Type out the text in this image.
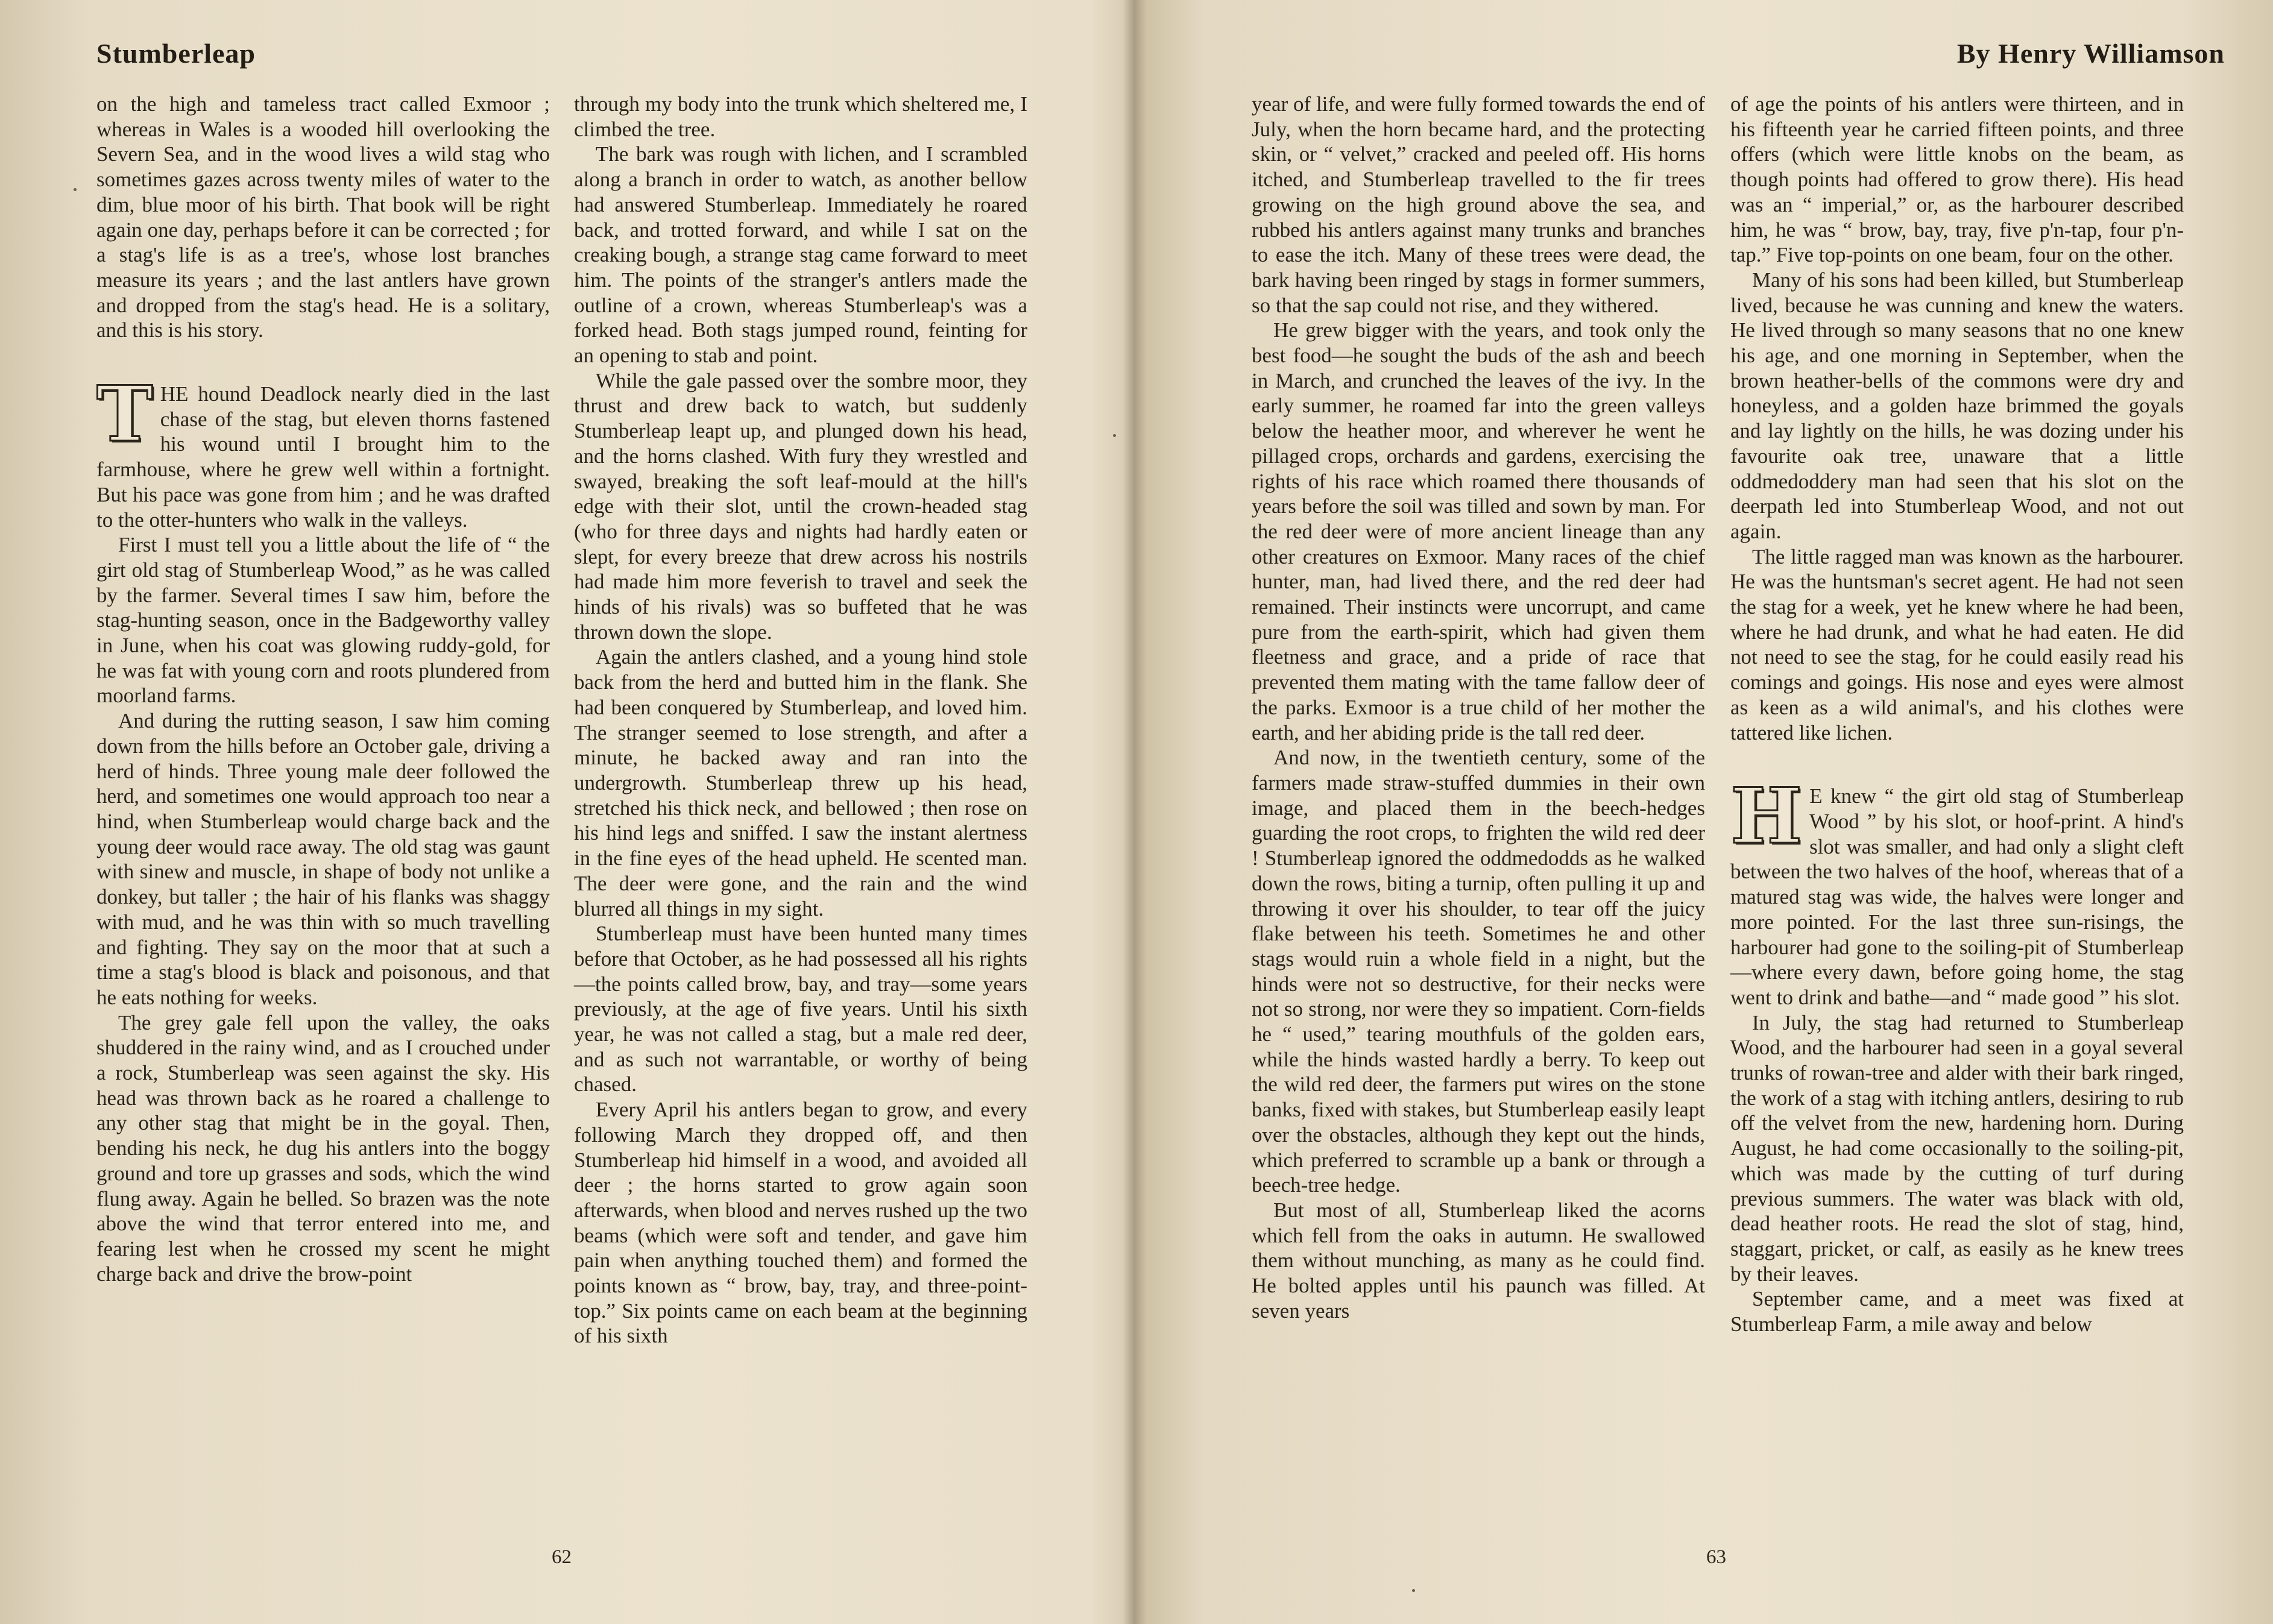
Stumberleap

on the high and tameless tract called Exmoor ; whereas in Wales is a wooded hill overlooking the Severn Sea, and in the wood lives a wild stag who sometimes gazes across twenty miles of water to the dim, blue moor of his birth. That book will be right again one day, perhaps before it can be corrected ; for a stag's life is as a tree's, whose lost branches measure its years ; and the last antlers have grown and dropped from the stag's head. He is a solitary, and this is his story.

THE hound Deadlock nearly died in the last chase of the stag, but eleven thorns fastened his wound until I brought him to the farmhouse, where he grew well within a fortnight. But his pace was gone from him ; and he was drafted to the otter-hunters who walk in the valleys.

First I must tell you a little about the life of “ the girt old stag of Stumberleap Wood,” as he was called by the farmer. Several times I saw him, before the stag-hunting season, once in the Badgeworthy valley in June, when his coat was glowing ruddy-gold, for he was fat with young corn and roots plundered from moorland farms.

And during the rutting season, I saw him coming down from the hills before an October gale, driving a herd of hinds. Three young male deer followed the herd, and sometimes one would approach too near a hind, when Stumberleap would charge back and the young deer would race away. The old stag was gaunt with sinew and muscle, in shape of body not unlike a donkey, but taller ; the hair of his flanks was shaggy with mud, and he was thin with so much travelling and fighting. They say on the moor that at such a time a stag's blood is black and poisonous, and that he eats nothing for weeks.

The grey gale fell upon the valley, the oaks shuddered in the rainy wind, and as I crouched under a rock, Stumberleap was seen against the sky. His head was thrown back as he roared a challenge to any other stag that might be in the goyal. Then, bending his neck, he dug his antlers into the boggy ground and tore up grasses and sods, which the wind flung away. Again he belled. So brazen was the note above the wind that terror entered into me, and fearing lest when he crossed my scent he might charge back and drive the brow-point

through my body into the trunk which sheltered me, I climbed the tree.

The bark was rough with lichen, and I scrambled along a branch in order to watch, as another bellow had answered Stumberleap. Immediately he roared back, and trotted forward, and while I sat on the creaking bough, a strange stag came forward to meet him. The points of the stranger's antlers made the outline of a crown, whereas Stumberleap's was a forked head. Both stags jumped round, feinting for an opening to stab and point.

While the gale passed over the sombre moor, they thrust and drew back to watch, but suddenly Stumberleap leapt up, and plunged down his head, and the horns clashed. With fury they wrestled and swayed, breaking the soft leaf-mould at the hill's edge with their slot, until the crown-headed stag (who for three days and nights had hardly eaten or slept, for every breeze that drew across his nostrils had made him more feverish to travel and seek the hinds of his rivals) was so buffeted that he was thrown down the slope.

Again the antlers clashed, and a young hind stole back from the herd and butted him in the flank. She had been conquered by Stumberleap, and loved him. The stranger seemed to lose strength, and after a minute, he backed away and ran into the undergrowth. Stumberleap threw up his head, stretched his thick neck, and bellowed ; then rose on his hind legs and sniffed. I saw the instant alertness in the fine eyes of the head upheld. He scented man. The deer were gone, and the rain and the wind blurred all things in my sight.

Stumberleap must have been hunted many times before that October, as he had possessed all his rights—the points called brow, bay, and tray—some years previously, at the age of five years. Until his sixth year, he was not called a stag, but a male red deer, and as such not warrantable, or worthy of being chased.

Every April his antlers began to grow, and every following March they dropped off, and then Stumberleap hid himself in a wood, and avoided all deer ; the horns started to grow again soon afterwards, when blood and nerves rushed up the two beams (which were soft and tender, and gave him pain when anything touched them) and formed the points known as “ brow, bay, tray, and three-point-top.” Six points came on each beam at the beginning of his sixth

62
By Henry Williamson

year of life, and were fully formed towards the end of July, when the horn became hard, and the protecting skin, or “ velvet,” cracked and peeled off. His horns itched, and Stumberleap travelled to the fir trees growing on the high ground above the sea, and rubbed his antlers against many trunks and branches to ease the itch. Many of these trees were dead, the bark having been ringed by stags in former summers, so that the sap could not rise, and they withered.

He grew bigger with the years, and took only the best food—he sought the buds of the ash and beech in March, and crunched the leaves of the ivy. In the early summer, he roamed far into the green valleys below the heather moor, and wherever he went he pillaged crops, orchards and gardens, exercising the rights of his race which roamed there thousands of years before the soil was tilled and sown by man. For the red deer were of more ancient lineage than any other creatures on Exmoor. Many races of the chief hunter, man, had lived there, and the red deer had remained. Their instincts were uncorrupt, and came pure from the earth-spirit, which had given them fleetness and grace, and a pride of race that prevented them mating with the tame fallow deer of the parks. Exmoor is a true child of her mother the earth, and her abiding pride is the tall red deer.

And now, in the twentieth century, some of the farmers made straw-stuffed dummies in their own image, and placed them in the beech-hedges guarding the root crops, to frighten the wild red deer ! Stumberleap ignored the oddmedodds as he walked down the rows, biting a turnip, often pulling it up and throwing it over his shoulder, to tear off the juicy flake between his teeth. Sometimes he and other stags would ruin a whole field in a night, but the hinds were not so destructive, for their necks were not so strong, nor were they so impatient. Corn-fields he “ used,” tearing mouthfuls of the golden ears, while the hinds wasted hardly a berry. To keep out the wild red deer, the farmers put wires on the stone banks, fixed with stakes, but Stumberleap easily leapt over the obstacles, although they kept out the hinds, which preferred to scramble up a bank or through a beech-tree hedge.

But most of all, Stumberleap liked the acorns which fell from the oaks in autumn. He swallowed them without munching, as many as he could find. He bolted apples until his paunch was filled. At seven years

of age the points of his antlers were thirteen, and in his fifteenth year he carried fifteen points, and three offers (which were little knobs on the beam, as though points had offered to grow there). His head was an “ imperial,” or, as the harbourer described him, he was “ brow, bay, tray, five p'n-tap, four p'n-tap.” Five top-points on one beam, four on the other.

Many of his sons had been killed, but Stumberleap lived, because he was cunning and knew the waters. He lived through so many seasons that no one knew his age, and one morning in September, when the brown heather-bells of the commons were dry and honeyless, and a golden haze brimmed the goyals and lay lightly on the hills, he was dozing under his favourite oak tree, unaware that a little oddmedoddery man had seen that his slot on the deerpath led into Stumberleap Wood, and not out again.

The little ragged man was known as the harbourer. He was the huntsman's secret agent. He had not seen the stag for a week, yet he knew where he had been, where he had drunk, and what he had eaten. He did not need to see the stag, for he could easily read his comings and goings. His nose and eyes were almost as keen as a wild animal's, and his clothes were tattered like lichen.

H E knew “ the girt old stag of Stumberleap Wood ” by his slot, or hoof-print. A hind's slot was smaller, and had only a slight cleft between the two halves of the hoof, whereas that of a matured stag was wide, the halves were longer and more pointed. For the last three sun-risings, the harbourer had gone to the soiling-pit of Stumberleap—where every dawn, before going home, the stag went to drink and bathe—and “ made good ” his slot.

In July, the stag had returned to Stumberleap Wood, and the harbourer had seen in a goyal several trunks of rowan-tree and alder with their bark ringed, the work of a stag with itching antlers, desiring to rub off the velvet from the new, hardening horn. During August, he had come occasionally to the soiling-pit, which was made by the cutting of turf during previous summers. The water was black with old, dead heather roots. He read the slot of stag, hind, staggart, pricket, or calf, as easily as he knew trees by their leaves.

September came, and a meet was fixed at Stumberleap Farm, a mile away and below

63
